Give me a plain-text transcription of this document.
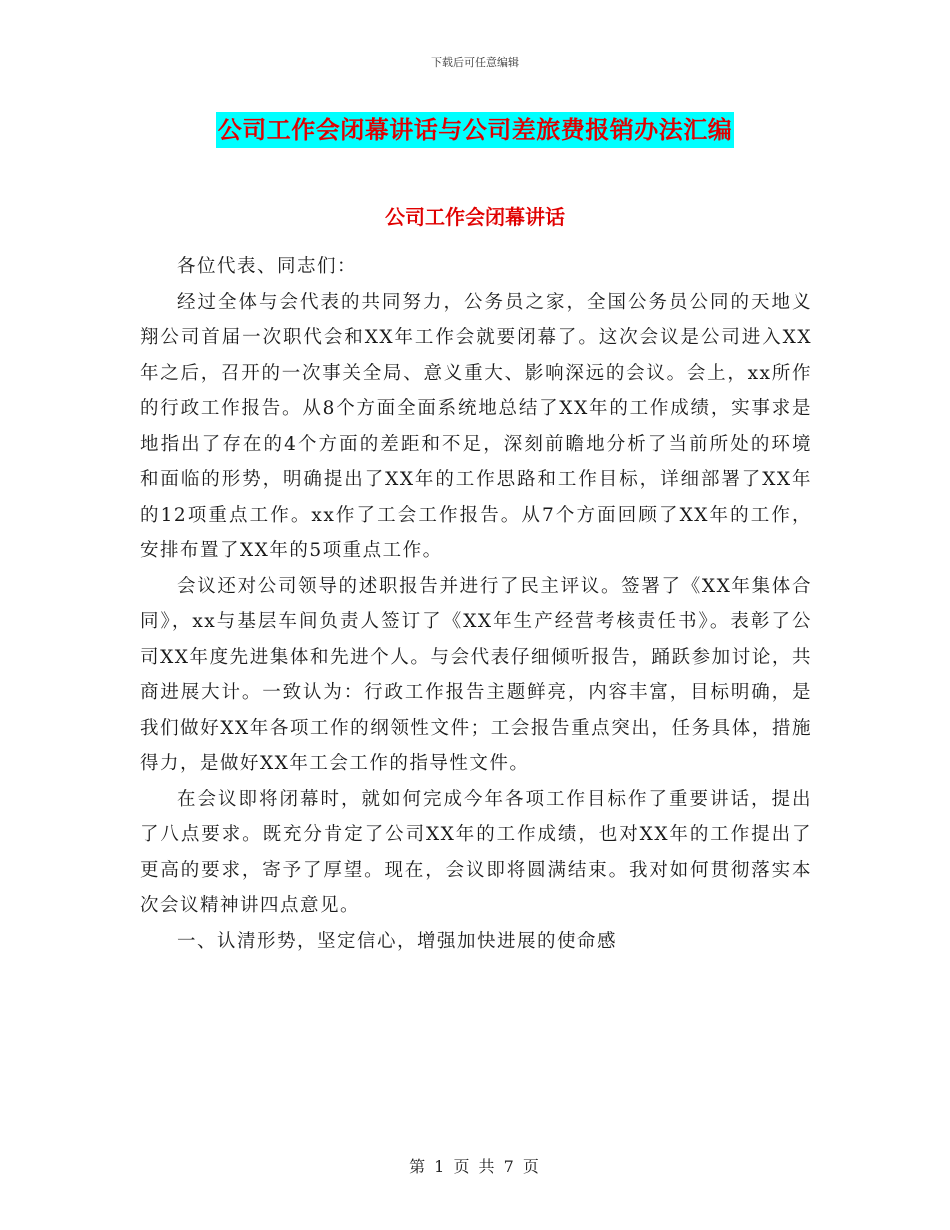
下载后可任意编辑
公司工作会闭幕讲话与公司差旅费报销办法汇编
公司工作会闭幕讲话

各位代表、同志们：

经过全体与会代表的共同努力，公务员之家，全国公务员公同的天地义翔公司首届一次职代会和XX年工作会就要闭幕了。这次会议是公司进入XX年之后，召开的一次事关全局、意义重大、影响深远的会议。会上，xx所作的行政工作报告。从8个方面全面系统地总结了XX年的工作成绩，实事求是地指出了存在的4个方面的差距和不足，深刻前瞻地分析了当前所处的环境和面临的形势，明确提出了XX年的工作思路和工作目标，详细部署了XX年的12项重点工作。xx作了工会工作报告。从7个方面回顾了XX年的工作，安排布置了XX年的5项重点工作。

会议还对公司领导的述职报告并进行了民主评议。签署了《XX年集体合同》，xx与基层车间负责人签订了《XX年生产经营考核责任书》。表彰了公司XX年度先进集体和先进个人。与会代表仔细倾听报告，踊跃参加讨论，共商进展大计。一致认为：行政工作报告主题鲜亮，内容丰富，目标明确，是我们做好XX年各项工作的纲领性文件；工会报告重点突出，任务具体，措施得力，是做好XX年工会工作的指导性文件。

在会议即将闭幕时，就如何完成今年各项工作目标作了重要讲话，提出了八点要求。既充分肯定了公司XX年的工作成绩，也对XX年的工作提出了更高的要求，寄予了厚望。现在，会议即将圆满结束。我对如何贯彻落实本次会议精神讲四点意见。

一、认清形势，坚定信心，增强加快进展的使命感

第 1 页 共 7 页
